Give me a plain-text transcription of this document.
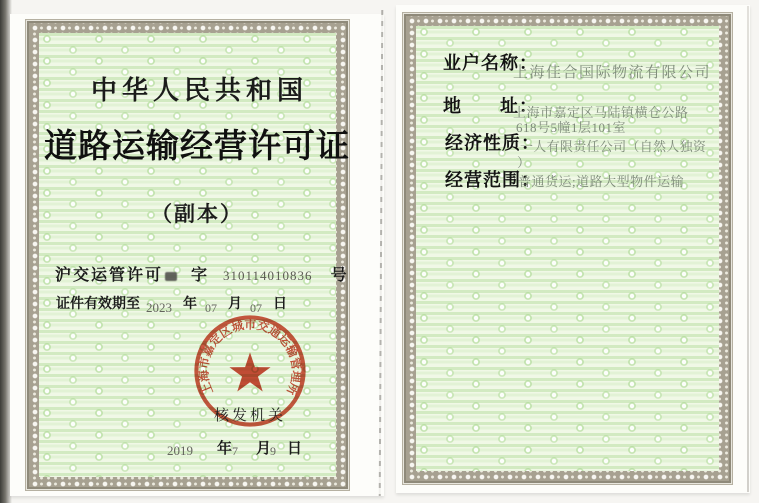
中华人民共和国
道路运输经营许可证
（副本）
沪交运管许可 字 310114010836 号
证件有效期至 2023 年 07 月 07 日
上海市嘉定区城市交通运输管理所
核发机关
2019 年 7 月
9 日
业户名称：
上海佳合国际物流有限公司
地　　址：
上海市嘉定区马陆镇横仓公路
618号5幢1层101室
经济性质：
一人有限责任公司（自然人独资
）
经营范围：
普通货运;道路大型物件运输
